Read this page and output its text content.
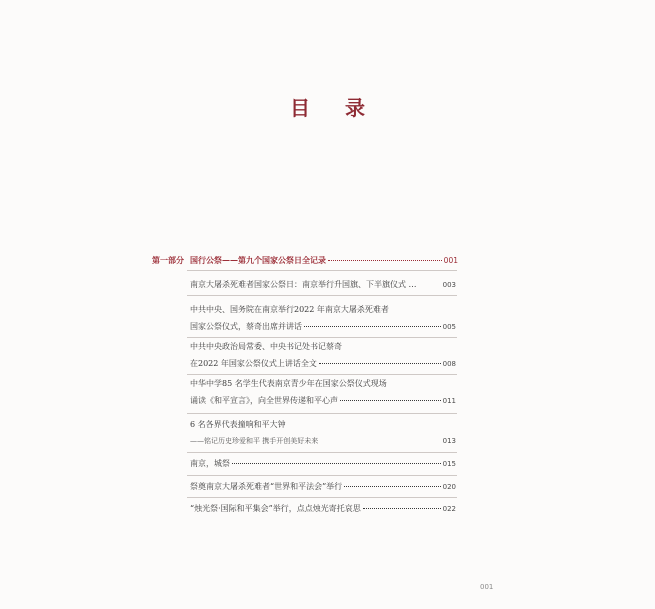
目 录
第一部分 国行公祭——第九个国家公祭日全记录	001
南京大屠杀死难者国家公祭日：南京举行升国旗、下半旗仪式 …	003
中共中央、国务院在南京举行2022 年南京大屠杀死难者
国家公祭仪式，蔡奇出席并讲话	005
中共中央政治局常委、中央书记处书记蔡奇
在2022 年国家公祭仪式上讲话全文	008
中华中学85 名学生代表南京青少年在国家公祭仪式现场
诵读《和平宣言》，向全世界传递和平心声	011
6 名各界代表撞响和平大钟
——铭记历史珍爱和平 携手开创美好未来	013
南京，城祭	015
祭奠南京大屠杀死难者“世界和平法会”举行	020
“烛光祭·国际和平集会”举行，点点烛光寄托哀思	022
001
